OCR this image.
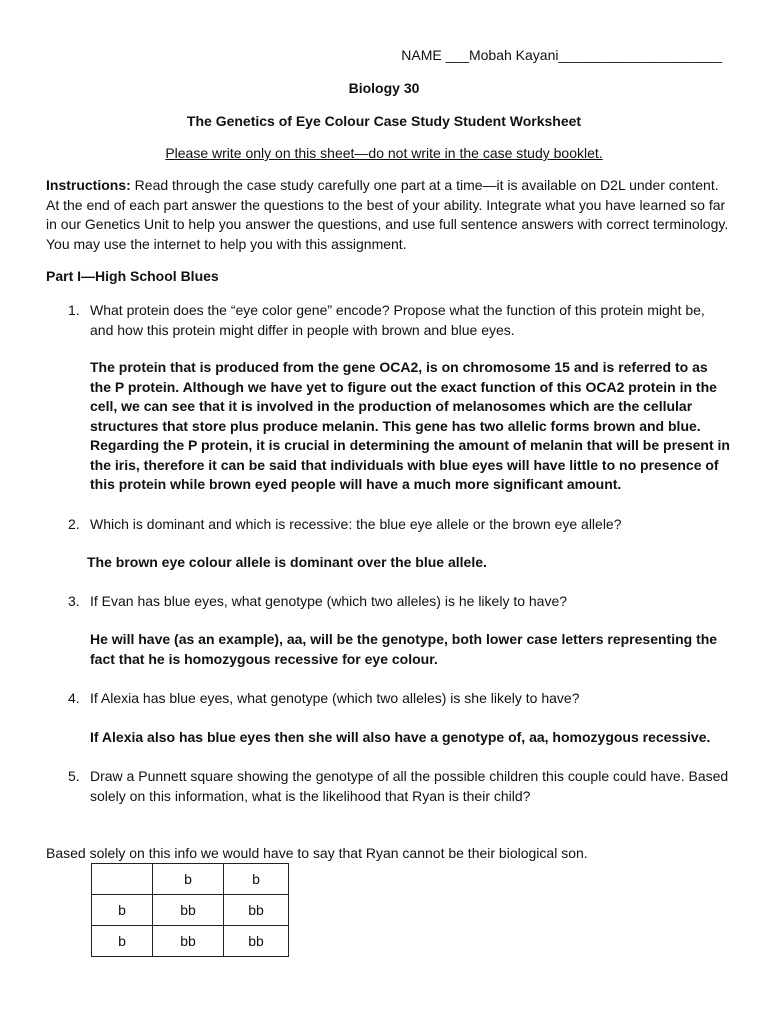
NAME ___Mobah Kayani_____________________
Biology 30
The Genetics of Eye Colour Case Study Student Worksheet
Please write only on this sheet—do not write in the case study booklet.
Instructions: Read through the case study carefully one part at a time—it is available on D2L under content.
At the end of each part answer the questions to the best of your ability. Integrate what you have learned so far
in our Genetics Unit to help you answer the questions, and use full sentence answers with correct terminology.
You may use the internet to help you with this assignment.
Part I—High School Blues
1. What protein does the “eye color gene” encode? Propose what the function of this protein might be,
and how this protein might differ in people with brown and blue eyes.
The protein that is produced from the gene OCA2, is on chromosome 15 and is referred to as
the P protein. Although we have yet to figure out the exact function of this OCA2 protein in the
cell, we can see that it is involved in the production of melanosomes which are the cellular
structures that store plus produce melanin. This gene has two allelic forms brown and blue.
Regarding the P protein, it is crucial in determining the amount of melanin that will be present in
the iris, therefore it can be said that individuals with blue eyes will have little to no presence of
this protein while brown eyed people will have a much more significant amount.
2. Which is dominant and which is recessive: the blue eye allele or the brown eye allele?
The brown eye colour allele is dominant over the blue allele.
3. If Evan has blue eyes, what genotype (which two alleles) is he likely to have?
He will have (as an example), aa, will be the genotype, both lower case letters representing the
fact that he is homozygous recessive for eye colour.
4. If Alexia has blue eyes, what genotype (which two alleles) is she likely to have?
If Alexia also has blue eyes then she will also have a genotype of, aa, homozygous recessive.
5. Draw a Punnett square showing the genotype of all the possible children this couple could have. Based
solely on this information, what is the likelihood that Ryan is their child?
Based solely on this info we would have to say that Ryan cannot be their biological son.
	b	b
b	bb	bb
b	bb	bb
